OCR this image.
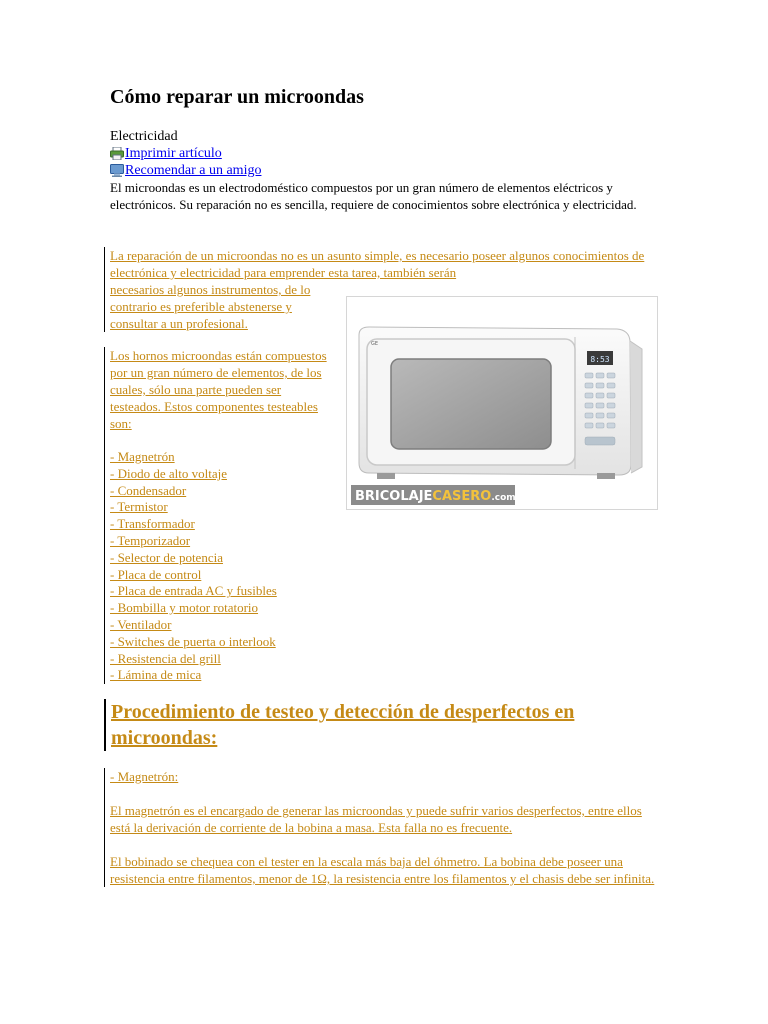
Cómo reparar un microondas
Electricidad
Imprimir artículo
Recomendar a un amigo
El microondas es un electrodoméstico compuestos por un gran número de elementos eléctricos y electrónicos. Su reparación no es sencilla, requiere de conocimientos sobre electrónica y electricidad.
La reparación de un microondas no es un asunto simple, es necesario poseer algunos conocimientos de electrónica y electricidad para emprender esta tarea, también serán
necesarios algunos instrumentos, de lo contrario es preferible abstenerse y consultar a un profesional.
Los hornos microondas están compuestos por un gran número de elementos, de los cuales, sólo una parte pueden ser testeados. Estos componentes testeables son:
- Magnetrón
- Diodo de alto voltaje
- Condensador
- Termistor
- Transformador
- Temporizador
- Selector de potencia
- Placa de control
- Placa de entrada AC y fusibles
- Bombilla y motor rotatorio
- Ventilador
- Switches de puerta o interlook
- Resistencia del grill
- Lámina de mica
8:53
GE
BRICOLAJECASERO.com
Procedimiento de testeo y detección de desperfectos en microondas:

- Magnetrón:

El magnetrón es el encargado de generar las microondas y puede sufrir varios desperfectos, entre ellos está la derivación de corriente de la bobina a masa. Esta falla no es frecuente.

El bobinado se chequea con el tester en la escala más baja del óhmetro. La bobina debe poseer una resistencia entre filamentos, menor de 1Ω, la resistencia entre los filamentos y el chasis debe ser infinita.
